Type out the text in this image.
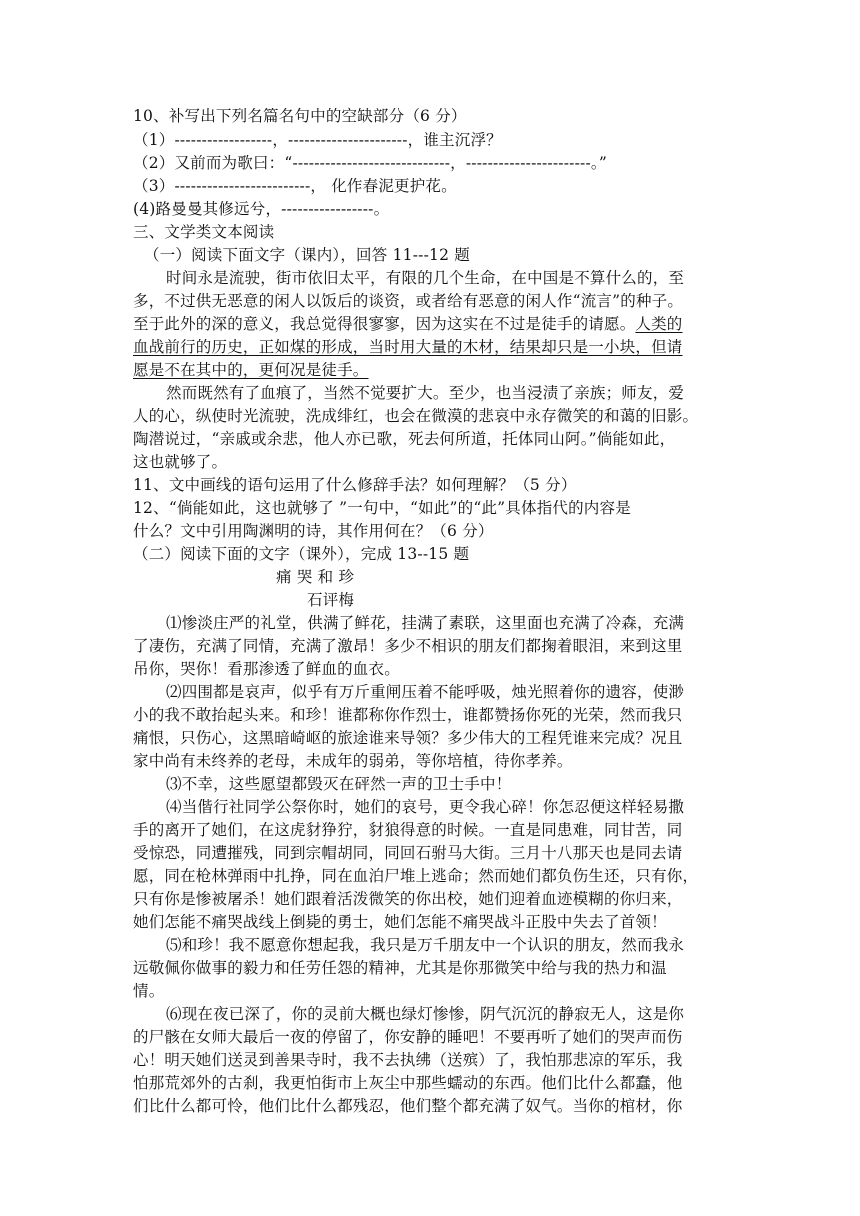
10、补写出下列名篇名句中的空缺部分（6 分）
（1）------------------，----------------------，谁主沉浮？
（2）又前而为歌曰：“-----------------------------，-----------------------。”
（3）-------------------------， 化作春泥更护花。
(4)路曼曼其修远兮，-----------------。
三、文学类文本阅读
（一）阅读下面文字（课内），回答 11---12 题
时间永是流驶，街市依旧太平，有限的几个生命，在中国是不算什么的，至
多，不过供无恶意的闲人以饭后的谈资，或者给有恶意的闲人作“流言”的种子。
至于此外的深的意义，我总觉得很寥寥，因为这实在不过是徒手的请愿。人类的
血战前行的历史，正如煤的形成，当时用大量的木材，结果却只是一小块，但请
愿是不在其中的，更何况是徒手。
然而既然有了血痕了，当然不觉要扩大。至少，也当浸渍了亲族；师友，爱
人的心，纵使时光流驶，洗成绯红，也会在微漠的悲哀中永存微笑的和蔼的旧影。
陶潜说过，“亲戚或余悲，他人亦已歌，死去何所道，托体同山阿。”倘能如此，
这也就够了。
11、文中画线的语句运用了什么修辞手法？如何理解？（5 分）
12、“倘能如此，这也就够了 ”一句中，“如此”的“此”具体指代的内容是
什么？文中引用陶渊明的诗，其作用何在？（6 分）
（二）阅读下面的文字（课外），完成 13--15 题
痛 哭 和 珍
石评梅
⑴惨淡庄严的礼堂，供满了鲜花，挂满了素联，这里面也充满了冷森，充满
了凄伤，充满了同情，充满了激昂！多少不相识的朋友们都掬着眼泪，来到这里
吊你，哭你！看那渗透了鲜血的血衣。
⑵四围都是哀声，似乎有万斤重闸压着不能呼吸，烛光照着你的遗容，使渺
小的我不敢抬起头来。和珍！谁都称你作烈士，谁都赞扬你死的光荣，然而我只
痛恨，只伤心，这黑暗崎岖的旅途谁来导领？多少伟大的工程凭谁来完成？况且
家中尚有未终养的老母，未成年的弱弟，等你培植，待你孝养。
⑶不幸，这些愿望都毁灭在砰然一声的卫士手中！
⑷当偕行社同学公祭你时，她们的哀号，更令我心碎！你怎忍便这样轻易撒
手的离开了她们，在这虎豺狰狞，豺狼得意的时候。一直是同患难，同甘苦，同
受惊恐，同遭摧残，同到宗帽胡同，同回石驸马大街。三月十八那天也是同去请
愿，同在枪林弹雨中扎挣，同在血泊尸堆上逃命；然而她们都负伤生还，只有你，
只有你是惨被屠杀！她们跟着活泼微笑的你出校，她们迎着血迹模糊的你归来，
她们怎能不痛哭战线上倒毙的勇士，她们怎能不痛哭战斗正股中失去了首领！
⑸和珍！我不愿意你想起我，我只是万千朋友中一个认识的朋友，然而我永
远敬佩你做事的毅力和任劳任怨的精神，尤其是你那微笑中给与我的热力和温
情。
⑹现在夜已深了，你的灵前大概也绿灯惨惨，阴气沉沉的静寂无人，这是你
的尸骸在女师大最后一夜的停留了，你安静的睡吧！不要再听了她们的哭声而伤
心！明天她们送灵到善果寺时，我不去执绋（送殡）了，我怕那悲凉的军乐，我
怕那荒郊外的古刹，我更怕街市上灰尘中那些蠕动的东西。他们比什么都蠢，他
们比什么都可怜，他们比什么都残忍，他们整个都充满了奴气。当你的棺材，你
